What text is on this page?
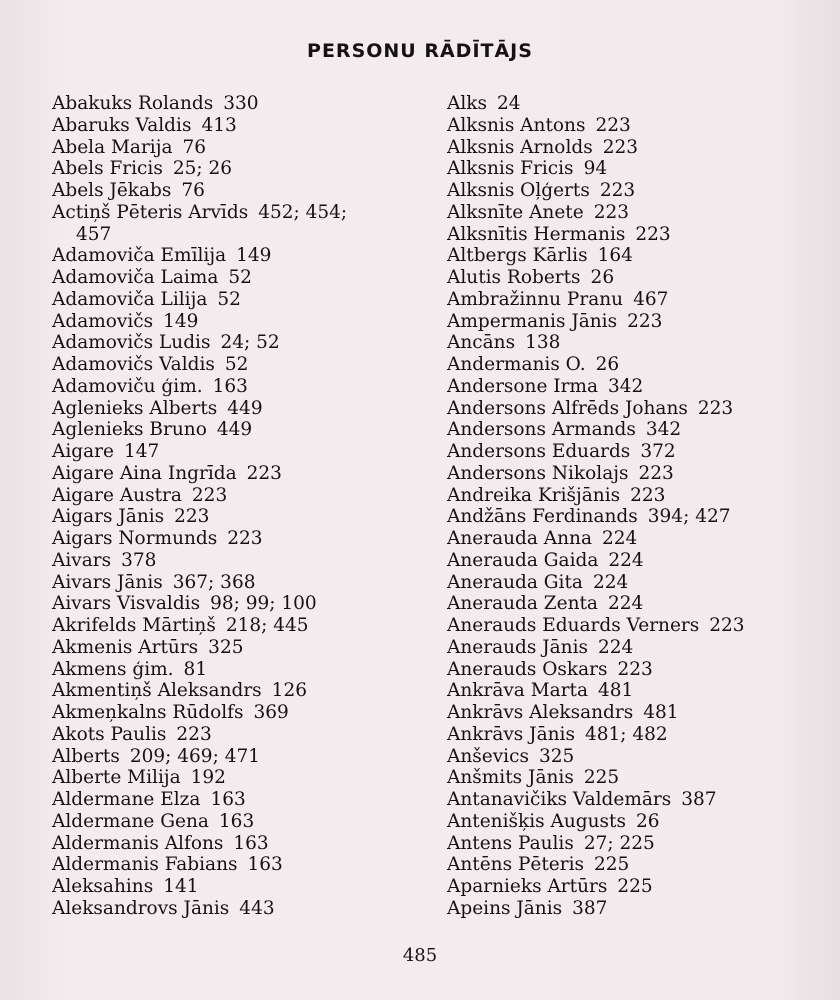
PERSONU RĀDĪTĀJS
Abakuks Rolands 330
Abaruks Valdis 413
Abela Marija 76
Abels Fricis 25; 26
Abels Jēkabs 76
Actiņš Pēteris Arvīds 452; 454;
457
Adamoviča Emīlija 149
Adamoviča Laima 52
Adamoviča Lilija 52
Adamovičs 149
Adamovičs Ludis 24; 52
Adamovičs Valdis 52
Adamoviču ģim. 163
Aglenieks Alberts 449
Aglenieks Bruno 449
Aigare 147
Aigare Aina Ingrīda 223
Aigare Austra 223
Aigars Jānis 223
Aigars Normunds 223
Aivars 378
Aivars Jānis 367; 368
Aivars Visvaldis 98; 99; 100
Akrifelds Mārtiņš 218; 445
Akmenis Artūrs 325
Akmens ģim. 81
Akmentiņš Aleksandrs 126
Akmeņkalns Rūdolfs 369
Akots Paulis 223
Alberts 209; 469; 471
Alberte Milija 192
Aldermane Elza 163
Aldermane Gena 163
Aldermanis Alfons 163
Aldermanis Fabians 163
Aleksahins 141
Aleksandrovs Jānis 443
Alks 24
Alksnis Antons 223
Alksnis Arnolds 223
Alksnis Fricis 94
Alksnis Oļģerts 223
Alksnīte Anete 223
Alksnītis Hermanis 223
Altbergs Kārlis 164
Alutis Roberts 26
Ambražinnu Pranu 467
Ampermanis Jānis 223
Ancāns 138
Andermanis O. 26
Andersone Irma 342
Andersons Alfrēds Johans 223
Andersons Armands 342
Andersons Eduards 372
Andersons Nikolajs 223
Andreika Krišjānis 223
Andžāns Ferdinands 394; 427
Anerauda Anna 224
Anerauda Gaida 224
Anerauda Gita 224
Anerauda Zenta 224
Anerauds Eduards Verners 223
Anerauds Jānis 224
Anerauds Oskars 223
Ankrāva Marta 481
Ankrāvs Aleksandrs 481
Ankrāvs Jānis 481; 482
Anševics 325
Anšmits Jānis 225
Antanavičiks Valdemārs 387
Antenišķis Augusts 26
Antens Paulis 27; 225
Antēns Pēteris 225
Aparnieks Artūrs 225
Apeins Jānis 387
485
